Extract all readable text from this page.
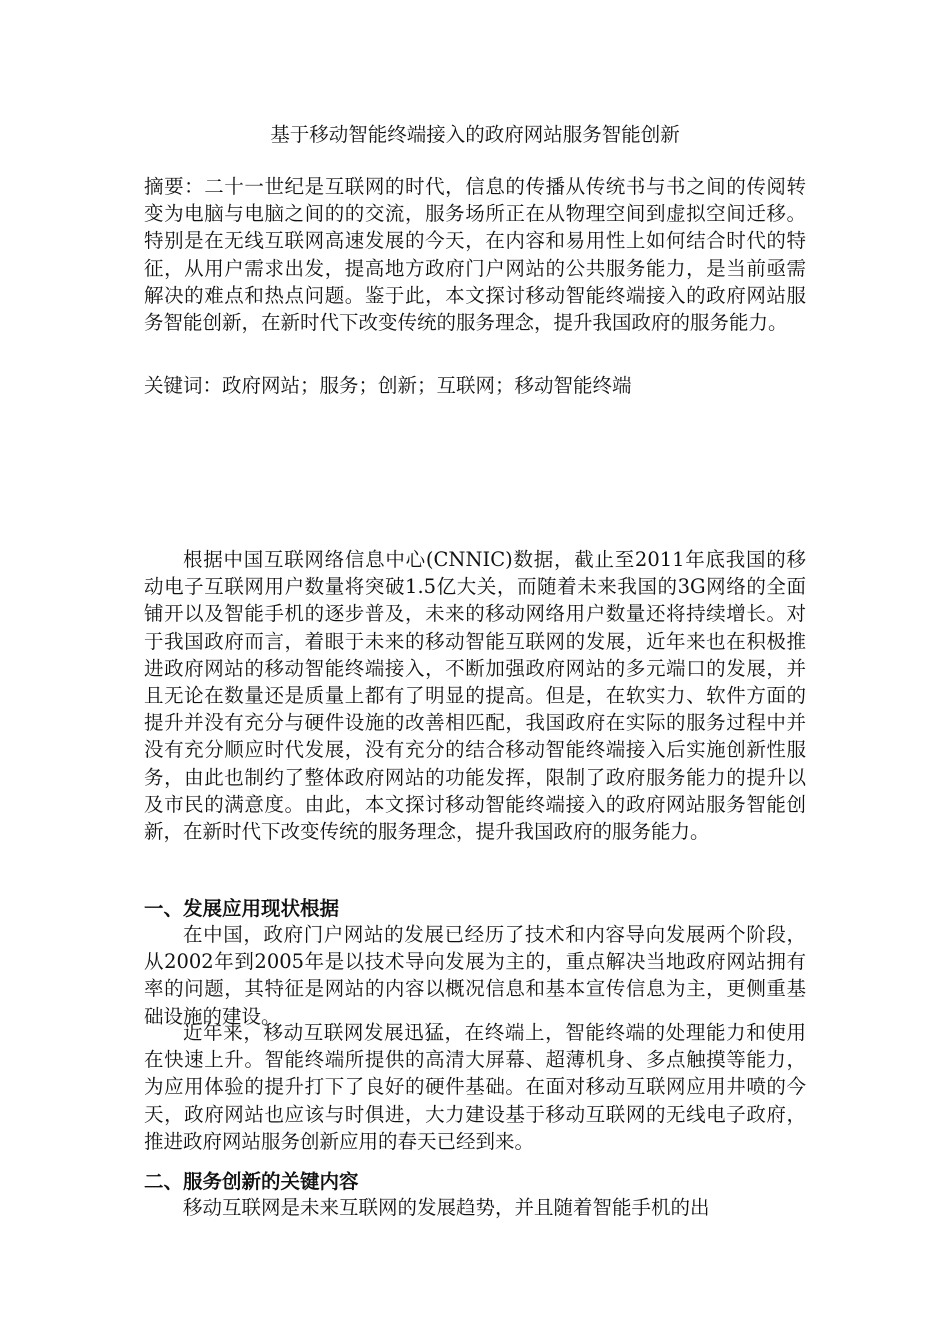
基于移动智能终端接入的政府网站服务智能创新

摘要：二十一世纪是互联网的时代，信息的传播从传统书与书之间的传阅转变为电脑与电脑之间的的交流，服务场所正在从物理空间到虚拟空间迁移。特别是在无线互联网高速发展的今天，在内容和易用性上如何结合时代的特征，从用户需求出发，提高地方政府门户网站的公共服务能力，是当前亟需解决的难点和热点问题。鉴于此，本文探讨移动智能终端接入的政府网站服务智能创新，在新时代下改变传统的服务理念，提升我国政府的服务能力。

关键词：政府网站；服务；创新；互联网；移动智能终端

根据中国互联网络信息中心(CNNIC)数据，截止至2011年底我国的移动电子互联网用户数量将突破1.5亿大关，而随着未来我国的3G网络的全面铺开以及智能手机的逐步普及，未来的移动网络用户数量还将持续增长。对于我国政府而言，着眼于未来的移动智能互联网的发展，近年来也在积极推进政府网站的移动智能终端接入，不断加强政府网站的多元端口的发展，并且无论在数量还是质量上都有了明显的提高。但是，在软实力、软件方面的提升并没有充分与硬件设施的改善相匹配，我国政府在实际的服务过程中并没有充分顺应时代发展，没有充分的结合移动智能终端接入后实施创新性服务，由此也制约了整体政府网站的功能发挥，限制了政府服务能力的提升以及市民的满意度。由此，本文探讨移动智能终端接入的政府网站服务智能创新，在新时代下改变传统的服务理念，提升我国政府的服务能力。

一、发展应用现状根据

在中国，政府门户网站的发展已经历了技术和内容导向发展两个阶段，从2002年到2005年是以技术导向发展为主的，重点解决当地政府网站拥有率的问题，其特征是网站的内容以概况信息和基本宣传信息为主，更侧重基础设施的建设。

近年来，移动互联网发展迅猛，在终端上，智能终端的处理能力和使用在快速上升。智能终端所提供的高清大屏幕、超薄机身、多点触摸等能力，为应用体验的提升打下了良好的硬件基础。在面对移动互联网应用井喷的今天，政府网站也应该与时俱进，大力建设基于移动互联网的无线电子政府，推进政府网站服务创新应用的春天已经到来。

二、服务创新的关键内容

移动互联网是未来互联网的发展趋势，并且随着智能手机的出
